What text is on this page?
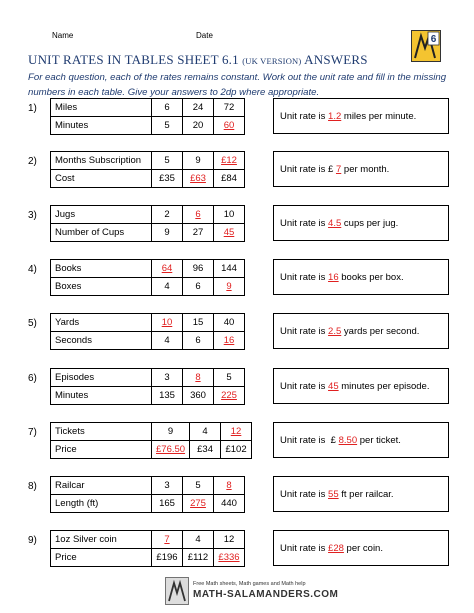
Name	Date
UNIT RATES IN TABLES SHEET 6.1 (UK VERSION) ANSWERS
6
For each question, each of the rates remains constant. Work out the unit rate and fill in the missing numbers in each table. Give your answers to 2dp where appropriate.
1) Miles	6	24	72
Minutes	5	20	60
Unit rate is 1.2 miles per minute.
2) Months Subscription	5	9	£12
Cost	£35	£63	£84
Unit rate is £ 7 per month.
3) Jugs	2	6	10
Number of Cups	9	27	45
Unit rate is 4.5 cups per jug.
4) Books	64	96	144
Boxes	4	6	9
Unit rate is 16 books per box.
5) Yards	10	15	40
Seconds	4	6	16
Unit rate is 2.5 yards per second.
6) Episodes	3	8	5
Minutes	135	360	225
Unit rate is 45 minutes per episode.
7) Tickets	9	4	12
Price	£76.50	£34	£102
Unit rate is  £ 8.50 per ticket.
8) Railcar	3	5	8
Length (ft)	165	275	440
Unit rate is 55 ft per railcar.
9) 1oz Silver coin	7	4	12
Price	£196	£112	£336
Unit rate is £28 per coin.
Free Math sheets, Math games and Math help
MATH-SALAMANDERS.COM
